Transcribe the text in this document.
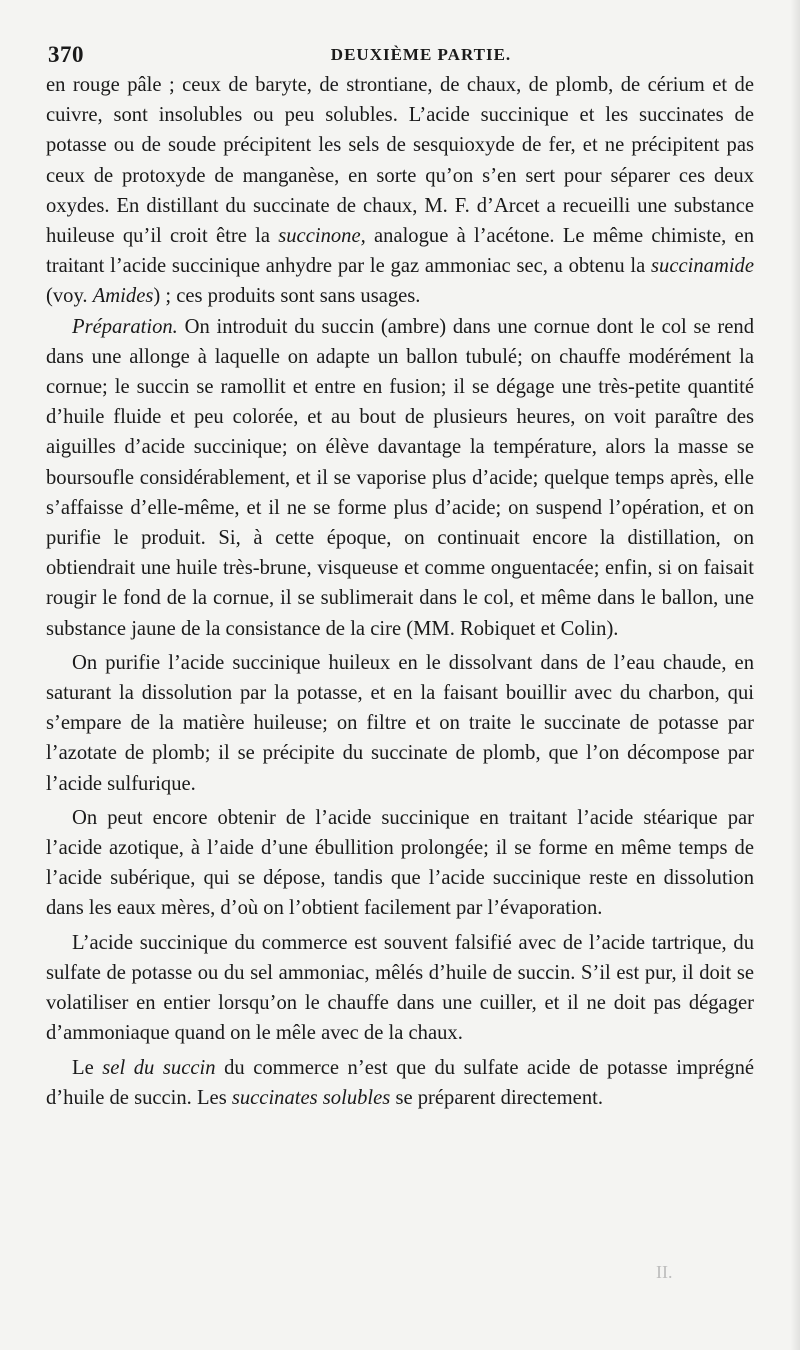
370	DEUXIÈME PARTIE.

en rouge pâle ; ceux de baryte, de strontiane, de chaux, de plomb, de cérium et de cuivre, sont insolubles ou peu solubles. L’acide succinique et les succinates de potasse ou de soude précipitent les sels de sesquioxyde de fer, et ne précipitent pas ceux de protoxyde de manganèse, en sorte qu’on s’en sert pour séparer ces deux oxydes. En distillant du succinate de chaux, M. F. d’Arcet a recueilli une substance huileuse qu’il croit être la succinone, analogue à l’acétone. Le même chimiste, en traitant l’acide succinique anhydre par le gaz ammoniac sec, a obtenu la succinamide (voy. Amides) ; ces produits sont sans usages.

Préparation. On introduit du succin (ambre) dans une cornue dont le col se rend dans une allonge à laquelle on adapte un ballon tubulé; on chauffe modérément la cornue; le succin se ramollit et entre en fusion; il se dégage une très-petite quantité d’huile fluide et peu colorée, et au bout de plusieurs heures, on voit paraître des aiguilles d’acide succinique; on élève davantage la température, alors la masse se boursoufle considérablement, et il se vaporise plus d’acide; quelque temps après, elle s’affaisse d’elle-même, et il ne se forme plus d’acide; on suspend l’opération, et on purifie le produit. Si, à cette époque, on continuait encore la distillation, on obtiendrait une huile très-brune, visqueuse et comme onguentacée; enfin, si on faisait rougir le fond de la cornue, il se sublimerait dans le col, et même dans le ballon, une substance jaune de la consistance de la cire (MM. Robiquet et Colin).

On purifie l’acide succinique huileux en le dissolvant dans de l’eau chaude, en saturant la dissolution par la potasse, et en la faisant bouillir avec du charbon, qui s’empare de la matière huileuse; on filtre et on traite le succinate de potasse par l’azotate de plomb; il se précipite du succinate de plomb, que l’on décompose par l’acide sulfurique.

On peut encore obtenir de l’acide succinique en traitant l’acide stéarique par l’acide azotique, à l’aide d’une ébullition prolongée; il se forme en même temps de l’acide subérique, qui se dépose, tandis que l’acide succinique reste en dissolution dans les eaux mères, d’où on l’obtient facilement par l’évaporation.

L’acide succinique du commerce est souvent falsifié avec de l’acide tartrique, du sulfate de potasse ou du sel ammoniac, mêlés d’huile de succin. S’il est pur, il doit se volatiliser en entier lorsqu’on le chauffe dans une cuiller, et il ne doit pas dégager d’ammoniaque quand on le mêle avec de la chaux.

Le sel du succin du commerce n’est que du sulfate acide de potasse imprégné d’huile de succin. Les succinates solubles se préparent directement.

II.
